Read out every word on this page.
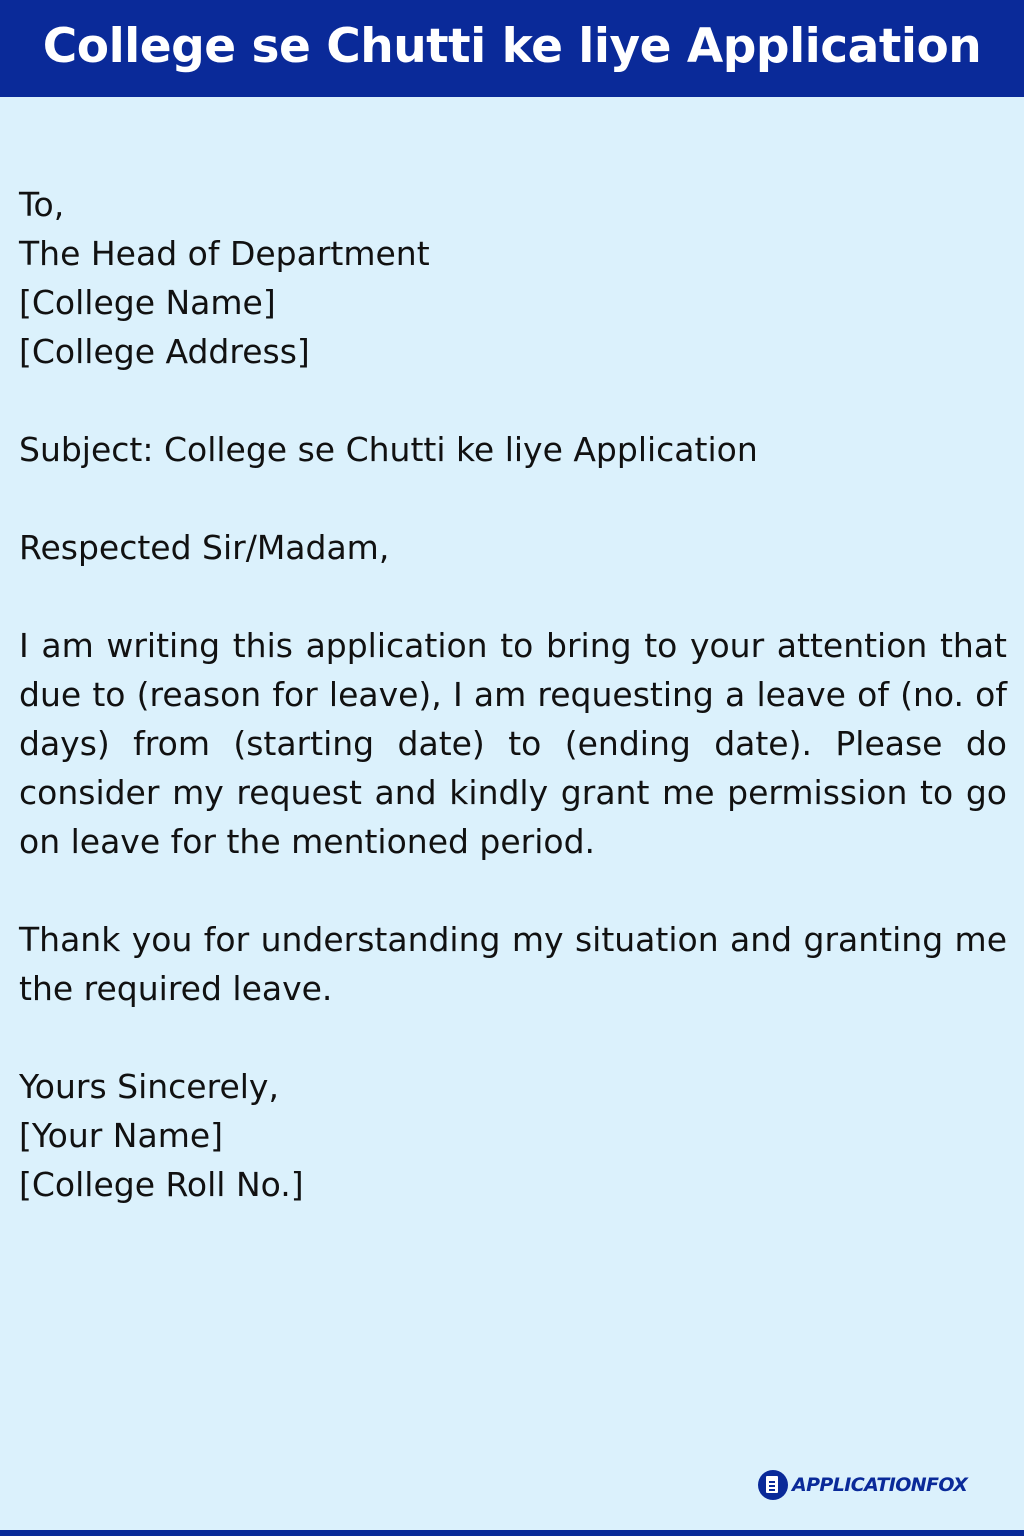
College se Chutti ke liye Application
To,
The Head of Department
[College Name]
[College Address]
Subject: College se Chutti ke liye Application
Respected Sir/Madam,
I am writing this application to bring to your attention that due to (reason for leave), I am requesting a leave of (no. of days) from (starting date) to (ending date). Please do consider my request and kindly grant me permission to go on leave for the mentioned period.
Thank you for understanding my situation and granting me the required leave.
Yours Sincerely,
[Your Name]
[College Roll No.]
APPLICATIONFOX
